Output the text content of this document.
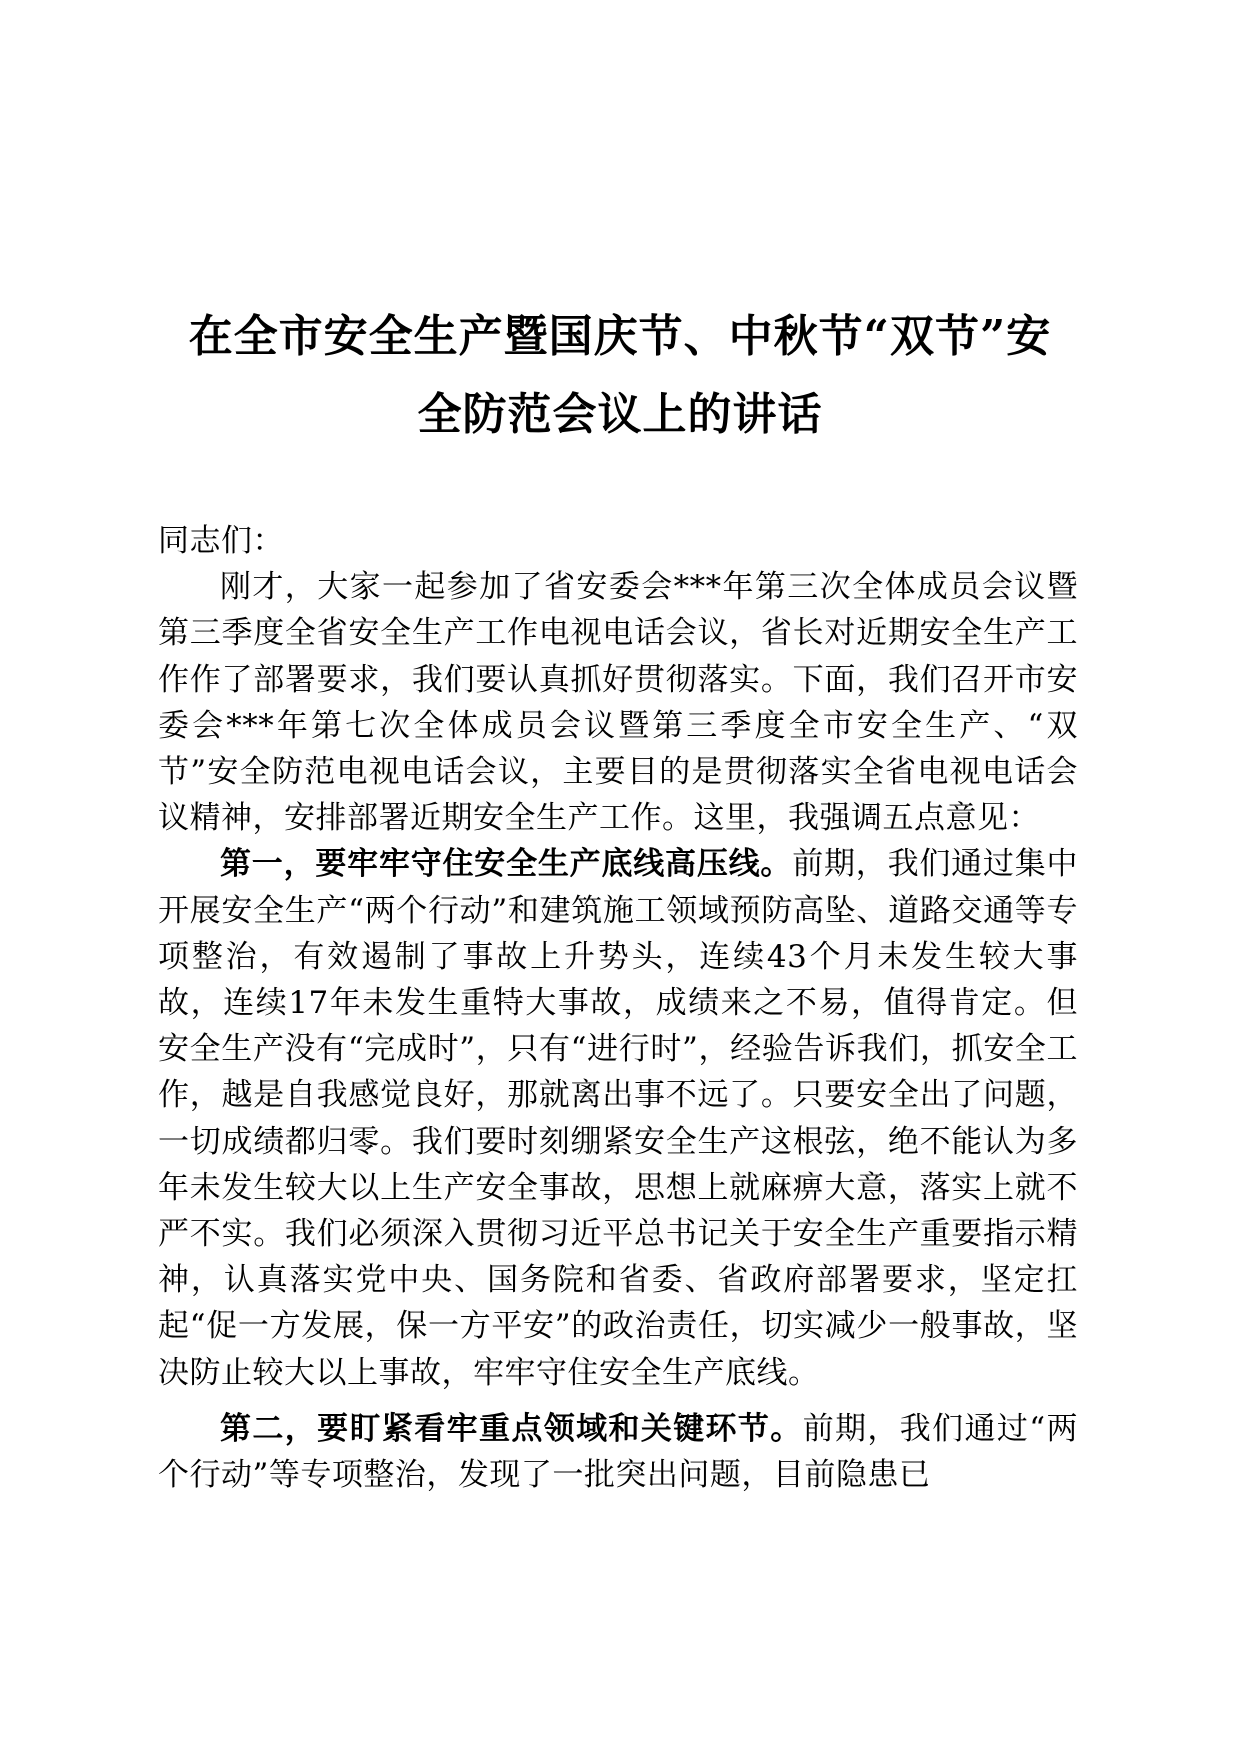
在全市安全生产暨国庆节、中秋节“双节”安
全防范会议上的讲话

同志们：

刚才，大家一起参加了省安委会***年第三次全体成员会议暨第三季度全省安全生产工作电视电话会议，省长对近期安全生产工作作了部署要求，我们要认真抓好贯彻落实。下面，我们召开市安委会***年第七次全体成员会议暨第三季度全市安全生产、“双节”安全防范电视电话会议，主要目的是贯彻落实全省电视电话会议精神，安排部署近期安全生产工作。这里，我强调五点意见：

第一，要牢牢守住安全生产底线高压线。前期，我们通过集中开展安全生产“两个行动”和建筑施工领域预防高坠、道路交通等专项整治，有效遏制了事故上升势头，连续43个月未发生较大事故，连续17年未发生重特大事故，成绩来之不易，值得肯定。但安全生产没有“完成时”，只有“进行时”，经验告诉我们，抓安全工作，越是自我感觉良好，那就离出事不远了。只要安全出了问题，一切成绩都归零。我们要时刻绷紧安全生产这根弦，绝不能认为多年未发生较大以上生产安全事故，思想上就麻痹大意，落实上就不严不实。我们必须深入贯彻习近平总书记关于安全生产重要指示精神，认真落实党中央、国务院和省委、省政府部署要求，坚定扛起“促一方发展，保一方平安”的政治责任，切实减少一般事故，坚决防止较大以上事故，牢牢守住安全生产底线。

第二，要盯紧看牢重点领域和关键环节。前期，我们通过“两个行动”等专项整治，发现了一批突出问题，目前隐患已
